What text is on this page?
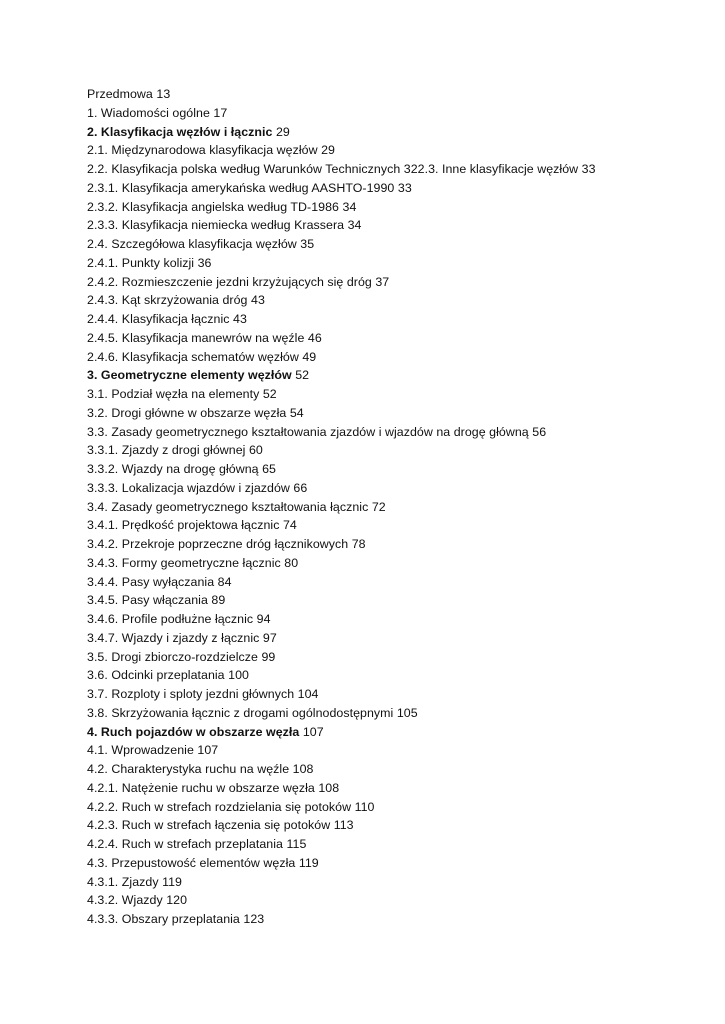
Przedmowa 13
1. Wiadomości ogólne 17
2. Klasyfikacja węzłów i łącznic 29
2.1. Międzynarodowa klasyfikacja węzłów 29
2.2. Klasyfikacja polska według Warunków Technicznych 322.3. Inne klasyfikacje węzłów 33
2.3.1. Klasyfikacja amerykańska według AASHTO-1990 33
2.3.2. Klasyfikacja angielska według TD-1986 34
2.3.3. Klasyfikacja niemiecka według Krassera 34
2.4. Szczegółowa klasyfikacja węzłów 35
2.4.1. Punkty kolizji 36
2.4.2. Rozmieszczenie jezdni krzyżujących się dróg 37
2.4.3. Kąt skrzyżowania dróg 43
2.4.4. Klasyfikacja łącznic 43
2.4.5. Klasyfikacja manewrów na węźle 46
2.4.6. Klasyfikacja schematów węzłów 49
3. Geometryczne elementy węzłów 52
3.1. Podział węzła na elementy 52
3.2. Drogi główne w obszarze węzła 54
3.3. Zasady geometrycznego kształtowania zjazdów i wjazdów na drogę główną 56
3.3.1. Zjazdy z drogi głównej 60
3.3.2. Wjazdy na drogę główną 65
3.3.3. Lokalizacja wjazdów i zjazdów 66
3.4. Zasady geometrycznego kształtowania łącznic 72
3.4.1. Prędkość projektowa łącznic 74
3.4.2. Przekroje poprzeczne dróg łącznikowych 78
3.4.3. Formy geometryczne łącznic 80
3.4.4. Pasy wyłączania 84
3.4.5. Pasy włączania 89
3.4.6. Profile podłużne łącznic 94
3.4.7. Wjazdy i zjazdy z łącznic 97
3.5. Drogi zbiorczo-rozdzielcze 99
3.6. Odcinki przeplatania 100
3.7. Rozploty i sploty jezdni głównych 104
3.8. Skrzyżowania łącznic z drogami ogólnodostępnymi 105
4. Ruch pojazdów w obszarze węzła 107
4.1. Wprowadzenie 107
4.2. Charakterystyka ruchu na węźle 108
4.2.1. Natężenie ruchu w obszarze węzła 108
4.2.2. Ruch w strefach rozdzielania się potoków 110
4.2.3. Ruch w strefach łączenia się potoków 113
4.2.4. Ruch w strefach przeplatania 115
4.3. Przepustowość elementów węzła 119
4.3.1. Zjazdy 119
4.3.2. Wjazdy 120
4.3.3. Obszary przeplatania 123
